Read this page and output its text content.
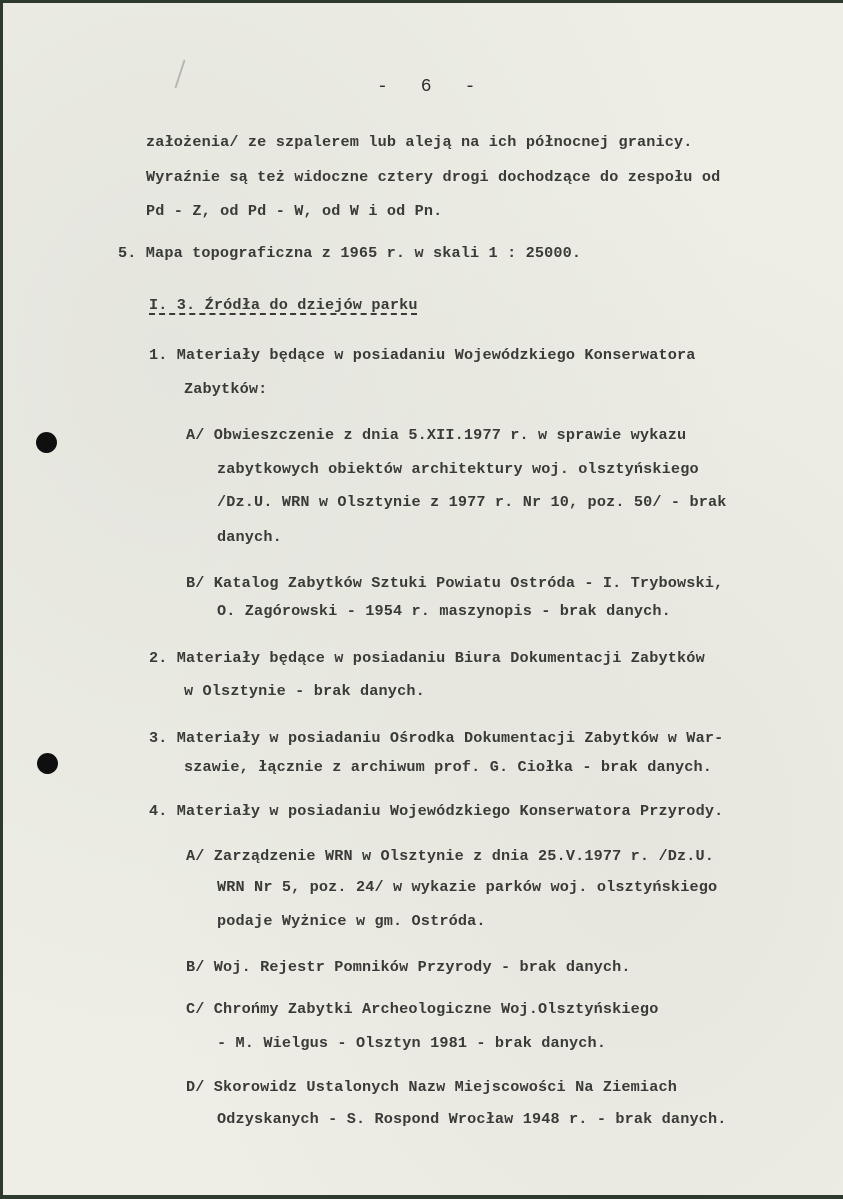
-   6   -
założenia/ ze szpalerem lub aleją na ich północnej granicy.
Wyraźnie są też widoczne cztery drogi dochodzące do zespołu od
Pd - Z, od Pd - W, od W i od Pn.
5. Mapa topograficzna z 1965 r. w skali 1 : 25000.
I. 3. Źródła do dziejów parku
1. Materiały będące w posiadaniu Wojewódzkiego Konserwatora
Zabytków:
A/ Obwieszczenie z dnia 5.XII.1977 r. w sprawie wykazu
zabytkowych obiektów architektury woj. olsztyńskiego
/Dz.U. WRN w Olsztynie z 1977 r. Nr 10, poz. 50/ - brak
danych.
B/ Katalog Zabytków Sztuki Powiatu Ostróda - I. Trybowski,
O. Zagórowski - 1954 r. maszynopis - brak danych.
2. Materiały będące w posiadaniu Biura Dokumentacji Zabytków
w Olsztynie - brak danych.
3. Materiały w posiadaniu Ośrodka Dokumentacji Zabytków w War-
szawie, łącznie z archiwum prof. G. Ciołka - brak danych.
4. Materiały w posiadaniu Wojewódzkiego Konserwatora Przyrody.
A/ Zarządzenie WRN w Olsztynie z dnia 25.V.1977 r. /Dz.U.
WRN Nr 5, poz. 24/ w wykazie parków woj. olsztyńskiego
podaje Wyżnice w gm. Ostróda.
B/ Woj. Rejestr Pomników Przyrody - brak danych.
C/ Chrońmy Zabytki Archeologiczne Woj.Olsztyńskiego
- M. Wielgus - Olsztyn 1981 - brak danych.
D/ Skorowidz Ustalonych Nazw Miejscowości Na Ziemiach
Odzyskanych - S. Rospond Wrocław 1948 r. - brak danych.
